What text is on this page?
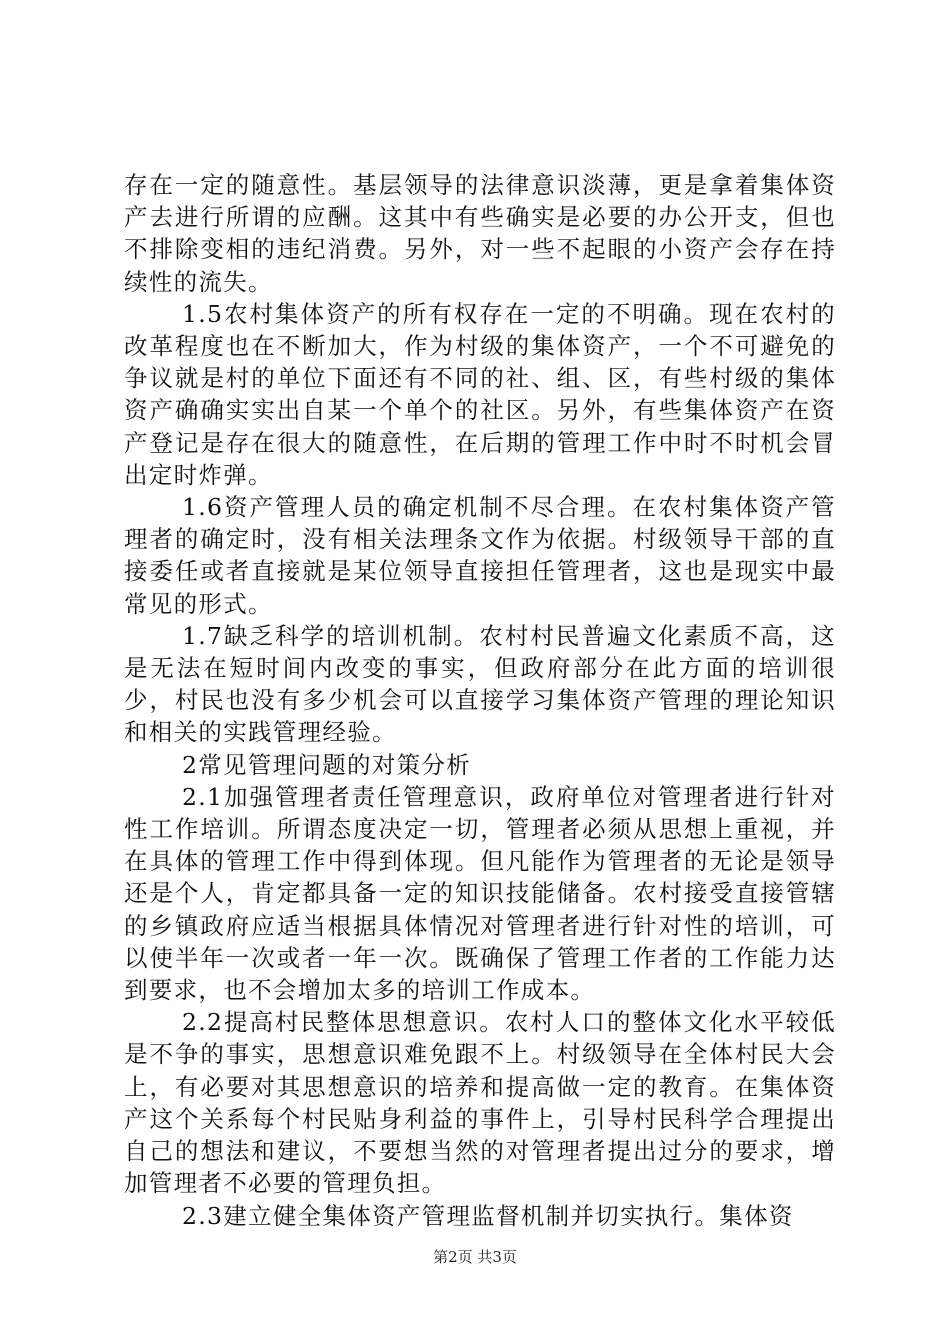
存在一定的随意性。基层领导的法律意识淡薄，更是拿着集体资产去进行所谓的应酬。这其中有些确实是必要的办公开支，但也不排除变相的违纪消费。另外，对一些不起眼的小资产会存在持续性的流失。

1.5农村集体资产的所有权存在一定的不明确。现在农村的改革程度也在不断加大，作为村级的集体资产，一个不可避免的争议就是村的单位下面还有不同的社、组、区，有些村级的集体资产确确实实出自某一个单个的社区。另外，有些集体资产在资产登记是存在很大的随意性，在后期的管理工作中时不时机会冒出定时炸弹。

1.6资产管理人员的确定机制不尽合理。在农村集体资产管理者的确定时，没有相关法理条文作为依据。村级领导干部的直接委任或者直接就是某位领导直接担任管理者，这也是现实中最常见的形式。

1.7缺乏科学的培训机制。农村村民普遍文化素质不高，这是无法在短时间内改变的事实，但政府部分在此方面的培训很少，村民也没有多少机会可以直接学习集体资产管理的理论知识和相关的实践管理经验。

2常见管理问题的对策分析

2.1加强管理者责任管理意识，政府单位对管理者进行针对性工作培训。所谓态度决定一切，管理者必须从思想上重视，并在具体的管理工作中得到体现。但凡能作为管理者的无论是领导还是个人，肯定都具备一定的知识技能储备。农村接受直接管辖的乡镇政府应适当根据具体情况对管理者进行针对性的培训，可以使半年一次或者一年一次。既确保了管理工作者的工作能力达到要求，也不会增加太多的培训工作成本。

2.2提高村民整体思想意识。农村人口的整体文化水平较低是不争的事实，思想意识难免跟不上。村级领导在全体村民大会上，有必要对其思想意识的培养和提高做一定的教育。在集体资产这个关系每个村民贴身利益的事件上，引导村民科学合理提出自己的想法和建议，不要想当然的对管理者提出过分的要求，增加管理者不必要的管理负担。

2.3建立健全集体资产管理监督机制并切实执行。集体资

第2页 共3页
